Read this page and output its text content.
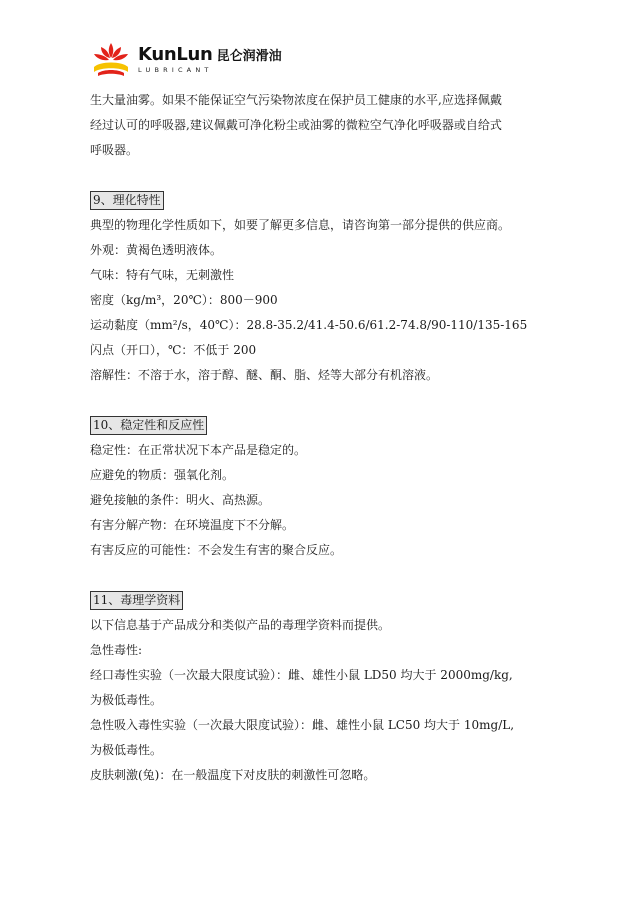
KunLun 昆仑润滑油
LUBRICANT

生大量油雾。如果不能保证空气污染物浓度在保护员工健康的水平,应选择佩戴

经过认可的呼吸器,建议佩戴可净化粉尘或油雾的微粒空气净化呼吸器或自给式

呼吸器。

9、理化特性

典型的物理化学性质如下，如要了解更多信息，请咨询第一部分提供的供应商。

外观：黄褐色透明液体。

气味：特有气味，无刺激性

密度（kg/m³，20℃）：800－900

运动黏度（mm²/s，40℃）：28.8-35.2/41.4-50.6/61.2-74.8/90-110/135-165

闪点（开口），℃：不低于 200

溶解性：不溶于水，溶于醇、醚、酮、脂、烃等大部分有机溶液。

10、稳定性和反应性

稳定性：在正常状况下本产品是稳定的。

应避免的物质：强氧化剂。

避免接触的条件：明火、高热源。

有害分解产物：在环境温度下不分解。

有害反应的可能性：不会发生有害的聚合反应。

11、毒理学资料

以下信息基于产品成分和类似产品的毒理学资料而提供。

急性毒性:

经口毒性实验（一次最大限度试验）：雌、雄性小鼠 LD50 均大于 2000mg/kg,

为极低毒性。

急性吸入毒性实验（一次最大限度试验）：雌、雄性小鼠 LC50 均大于 10mg/L,

为极低毒性。

皮肤刺激(兔)：在一般温度下对皮肤的刺激性可忽略。
